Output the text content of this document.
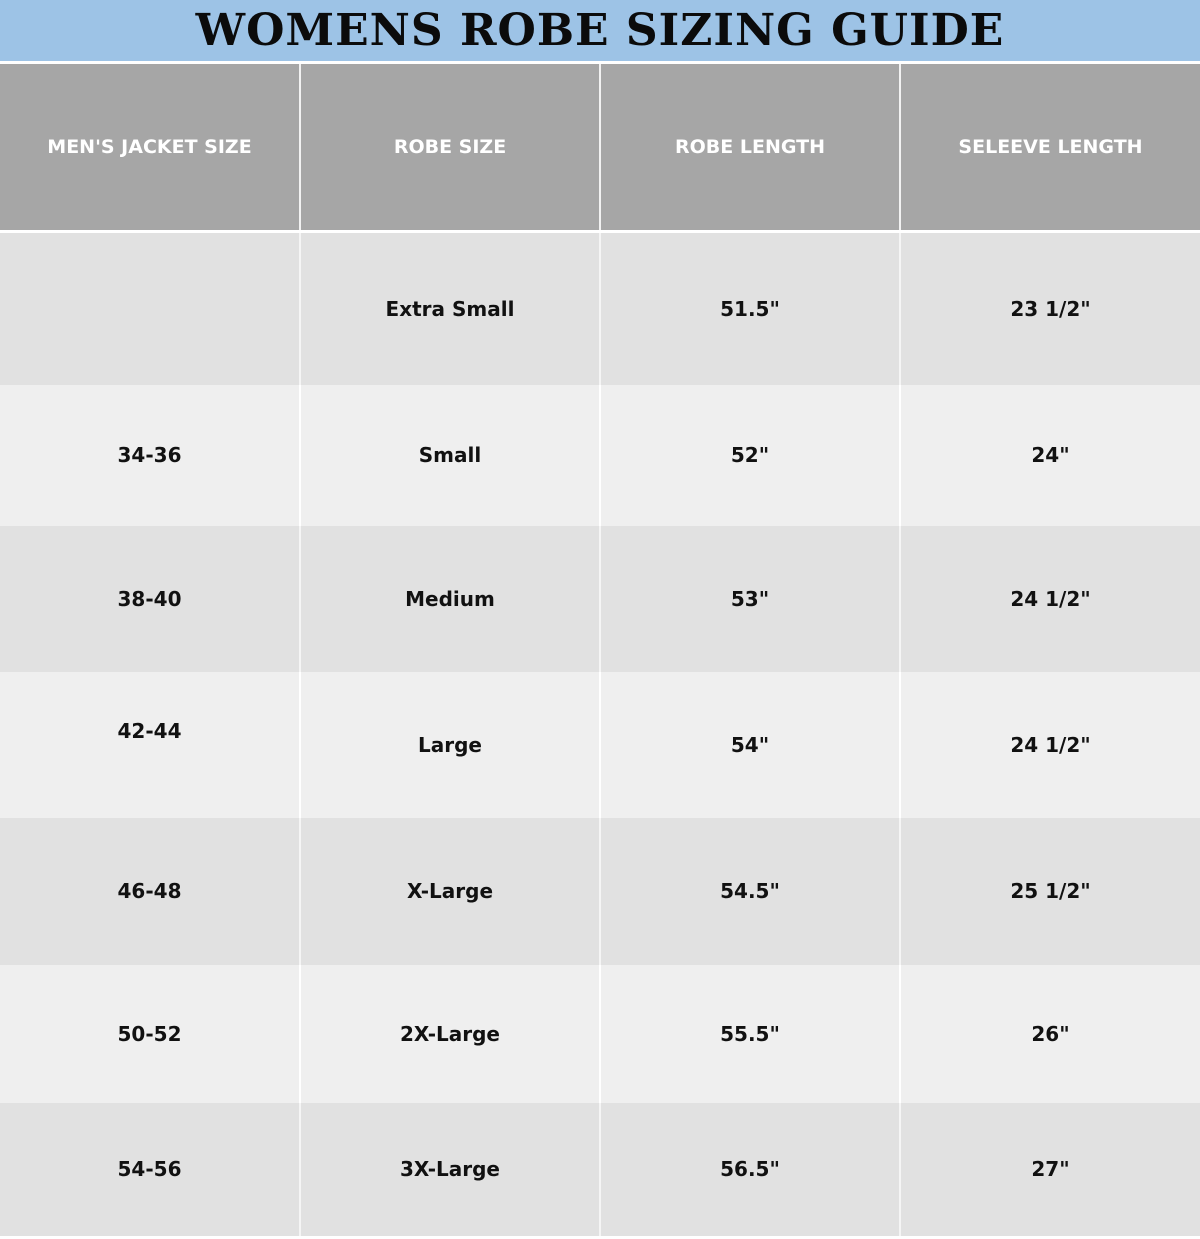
WOMENS ROBE SIZING GUIDE
MEN'S JACKET SIZE	ROBE SIZE	ROBE LENGTH	SELEEVE LENGTH
	Extra Small	51.5"	23 1/2"
34-36	Small	52"	24"
38-40	Medium	53"	24 1/2"
42-44	Large	54"	24 1/2"
46-48	X-Large	54.5"	25 1/2"
50-52	2X-Large	55.5"	26"
54-56	3X-Large	56.5"	27"
